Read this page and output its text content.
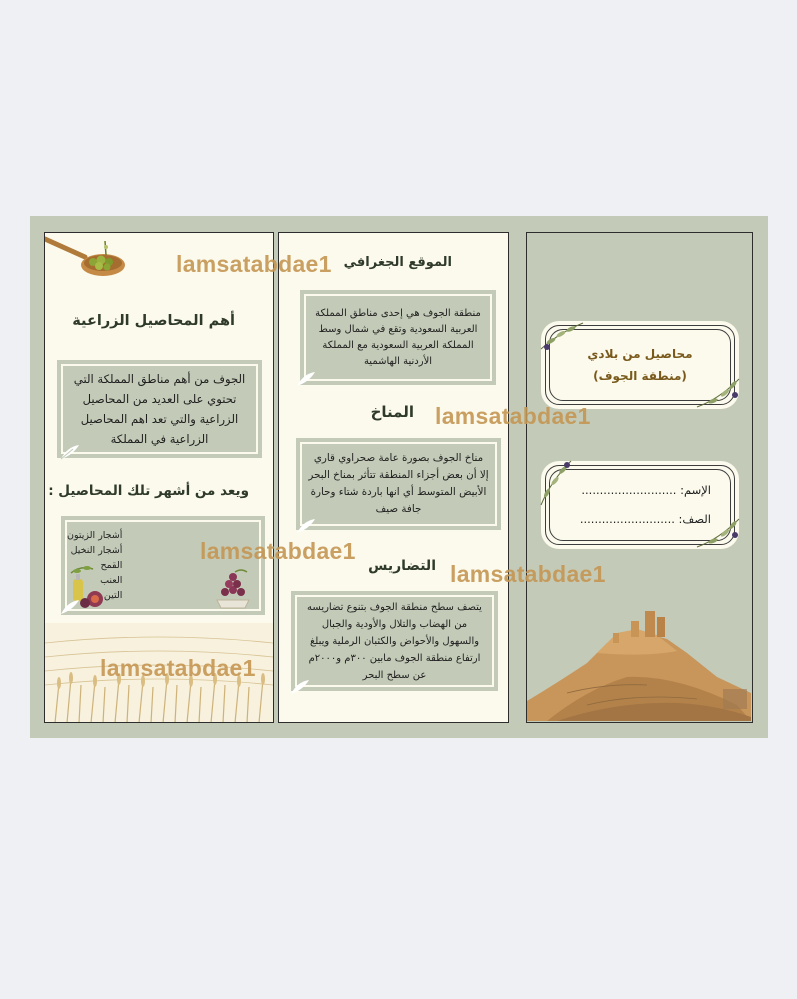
أهم المحاصيل الزراعية

الجوف من أهم مناطق المملكة التي تحتوي على العديد من المحاصيل الزراعية والتي تعد اهم المحاصيل الزراعية في المملكة

ويعد من أشهر تلك المحاصيل :
أشجار الزيتون
أشجار النخيل
القمح
العنب
التين
الموقع الجغرافي

منطقة الجوف هي إحدى مناطق المملكة العربية السعودية وتقع في شمال وسط المملكة العربية السعودية مع المملكة الأردنية الهاشمية

المناخ

مناخ الجوف بصورة عامة صحراوي قاري إلا أن بعض أجزاء المنطقة تتأثر بمناخ البحر الأبيض المتوسط أي انها باردة شتاء وحارة جافة صيف

التضاريس

يتصف سطح منطقة الجوف بتنوع تضاريسه من الهضاب والتلال والأودية والجبال والسهول والأحواض والكثبان الرملية ويبلغ ارتفاع منطقة الجوف مابين ٣٠٠م و٢٠٠٠م عن سطح البحر

محاصيل من بلادي
(منطقة الجوف)
الإسم: ..........................
الصف: ..........................
lamsatabdae1
lamsatabdae1
lamsatabdae1
lamsatabdae1
lamsatabdae1
